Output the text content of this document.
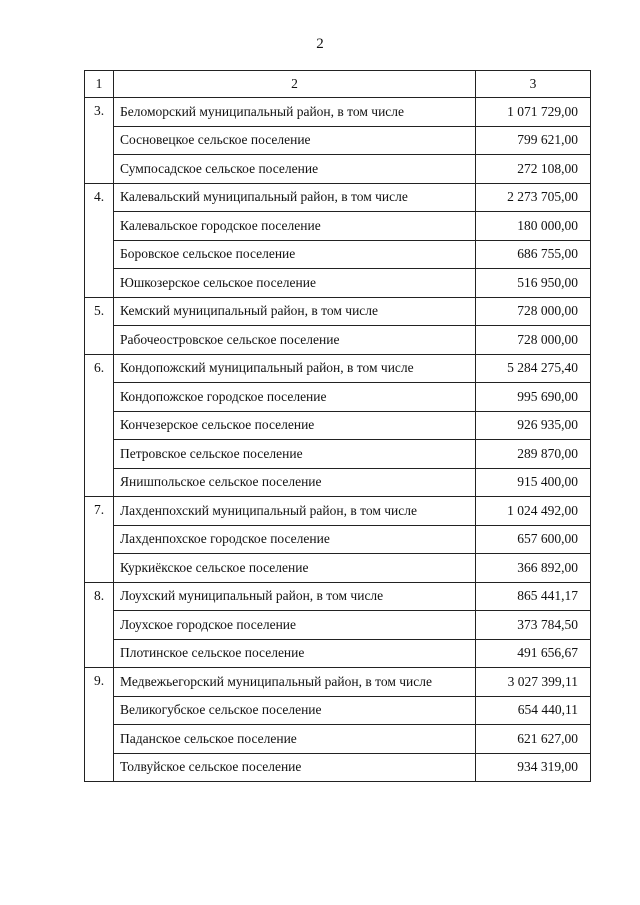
2
1	2	3
3.	Беломорский муниципальный район, в том числе	1 071 729,00
	Сосновецкое сельское поселение	799 621,00
	Сумпосадское сельское поселение	272 108,00
4.	Калевальский муниципальный район, в том числе	2 273 705,00
	Калевальское городское поселение	180 000,00
	Боровское сельское поселение	686 755,00
	Юшкозерское сельское поселение	516 950,00
5.	Кемский муниципальный район, в том числе	728 000,00
	Рабочеостровское сельское поселение	728 000,00
6.	Кондопожский муниципальный район, в том числе	5 284 275,40
	Кондопожское городское поселение	995 690,00
	Кончезерское сельское поселение	926 935,00
	Петровское сельское поселение	289 870,00
	Янишпольское сельское поселение	915 400,00
7.	Лахденпохский муниципальный район, в том числе	1 024 492,00
	Лахденпохское городское поселение	657 600,00
	Куркиёкское сельское поселение	366 892,00
8.	Лоухский муниципальный район, в том числе	865 441,17
	Лоухское городское поселение	373 784,50
	Плотинское сельское поселение	491 656,67
9.	Медвежьегорский муниципальный район, в том числе	3 027 399,11
	Великогубское сельское поселение	654 440,11
	Паданское сельское поселение	621 627,00
	Толвуйское сельское поселение	934 319,00
